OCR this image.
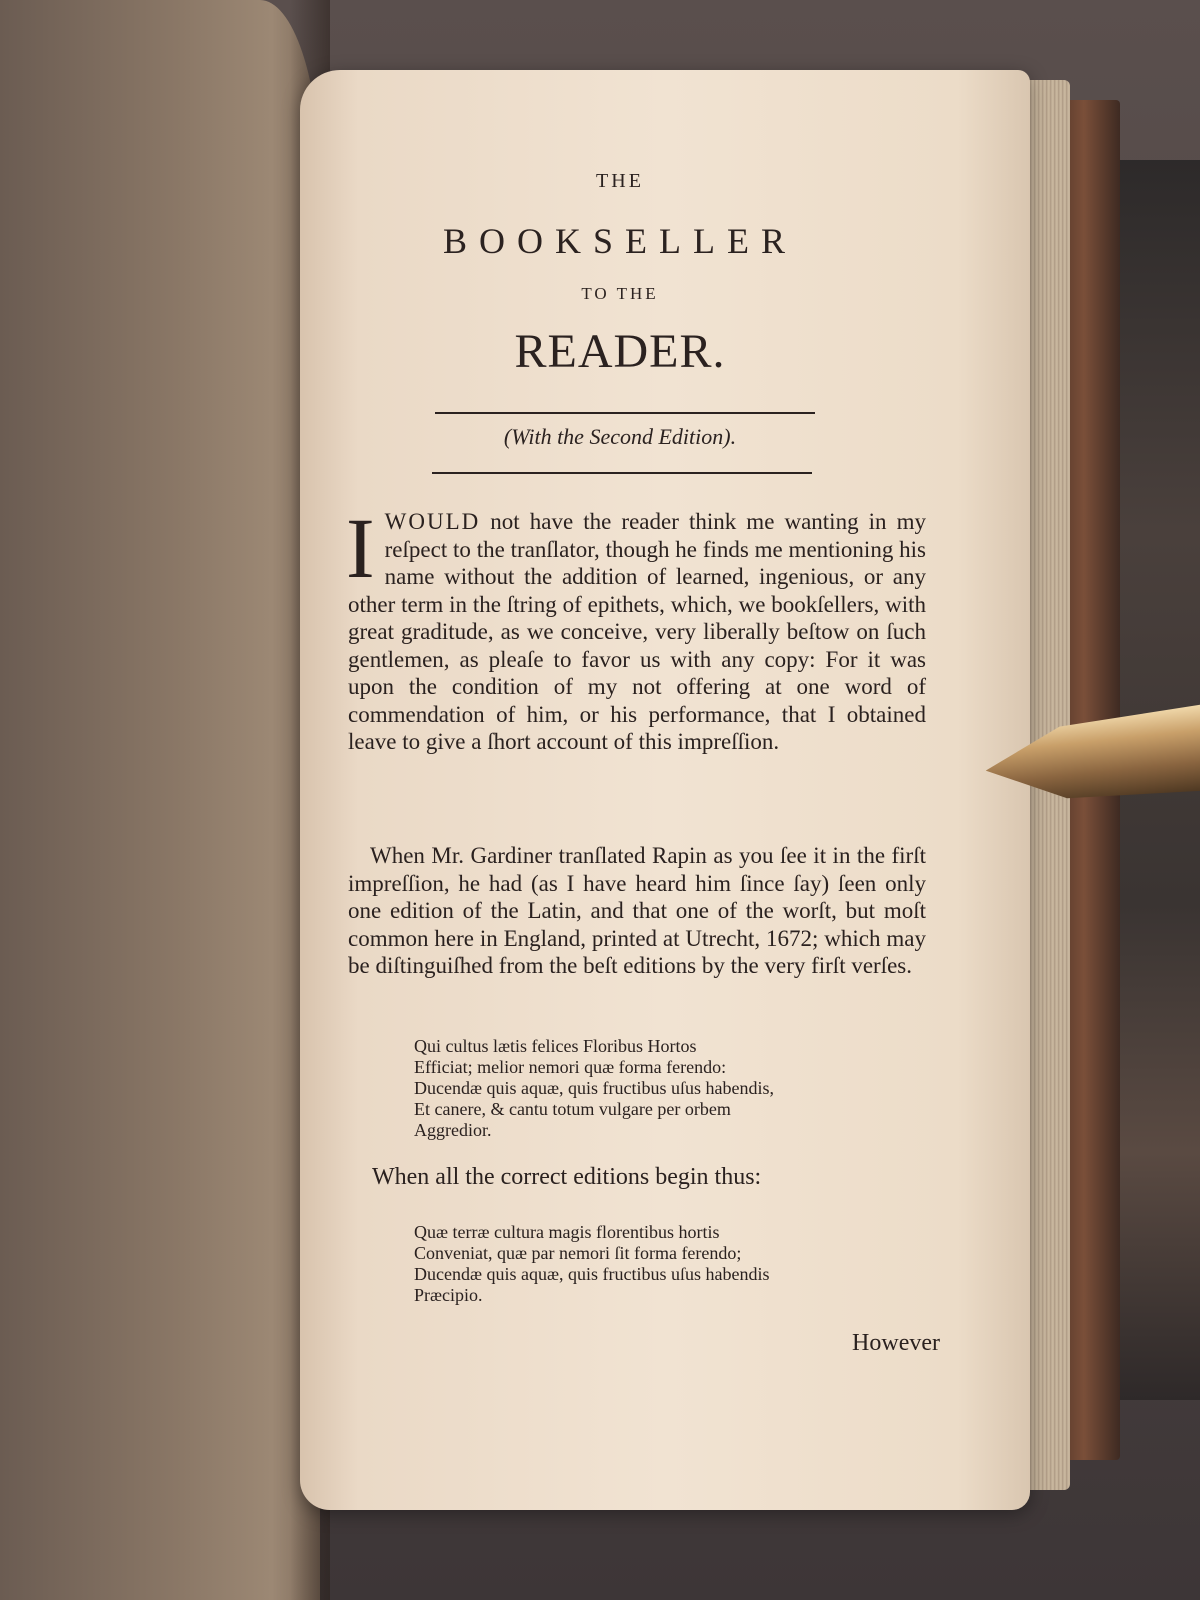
THE
BOOKSELLER
TO THE
READER.
(With the Second Edition).
IWOULD not have the reader think me wanting in my reſpect to the tranſlator, though he finds me mentioning his name without the addition of learned, ingenious, or any other term in the ſtring of epithets, which, we bookſellers, with great graditude, as we conceive, very liberally beſtow on ſuch gentlemen, as pleaſe to favor us with any copy: For it was upon the condition of my not offering at one word of commendation of him, or his performance, that I obtained leave to give a ſhort account of this impreſſion.
When Mr. Gardiner tranſlated Rapin as you ſee it in the firſt impreſſion, he had (as I have heard him ſince ſay) ſeen only one edition of the Latin, and that one of the worſt, but moſt common here in England, printed at Utrecht, 1672; which may be diſtinguiſhed from the beſt editions by the very firſt verſes.
Qui cultus lætis felices Floribus Hortos
Efficiat; melior nemori quæ forma ferendo:
Ducendæ quis aquæ, quis fructibus uſus habendis,
Et canere, & cantu totum vulgare per orbem
Aggredior.
When all the correct editions begin thus:
Quæ terræ cultura magis florentibus hortis
Conveniat, quæ par nemori ſit forma ferendo;
Ducendæ quis aquæ, quis fructibus uſus habendis
Præcipio.
However
